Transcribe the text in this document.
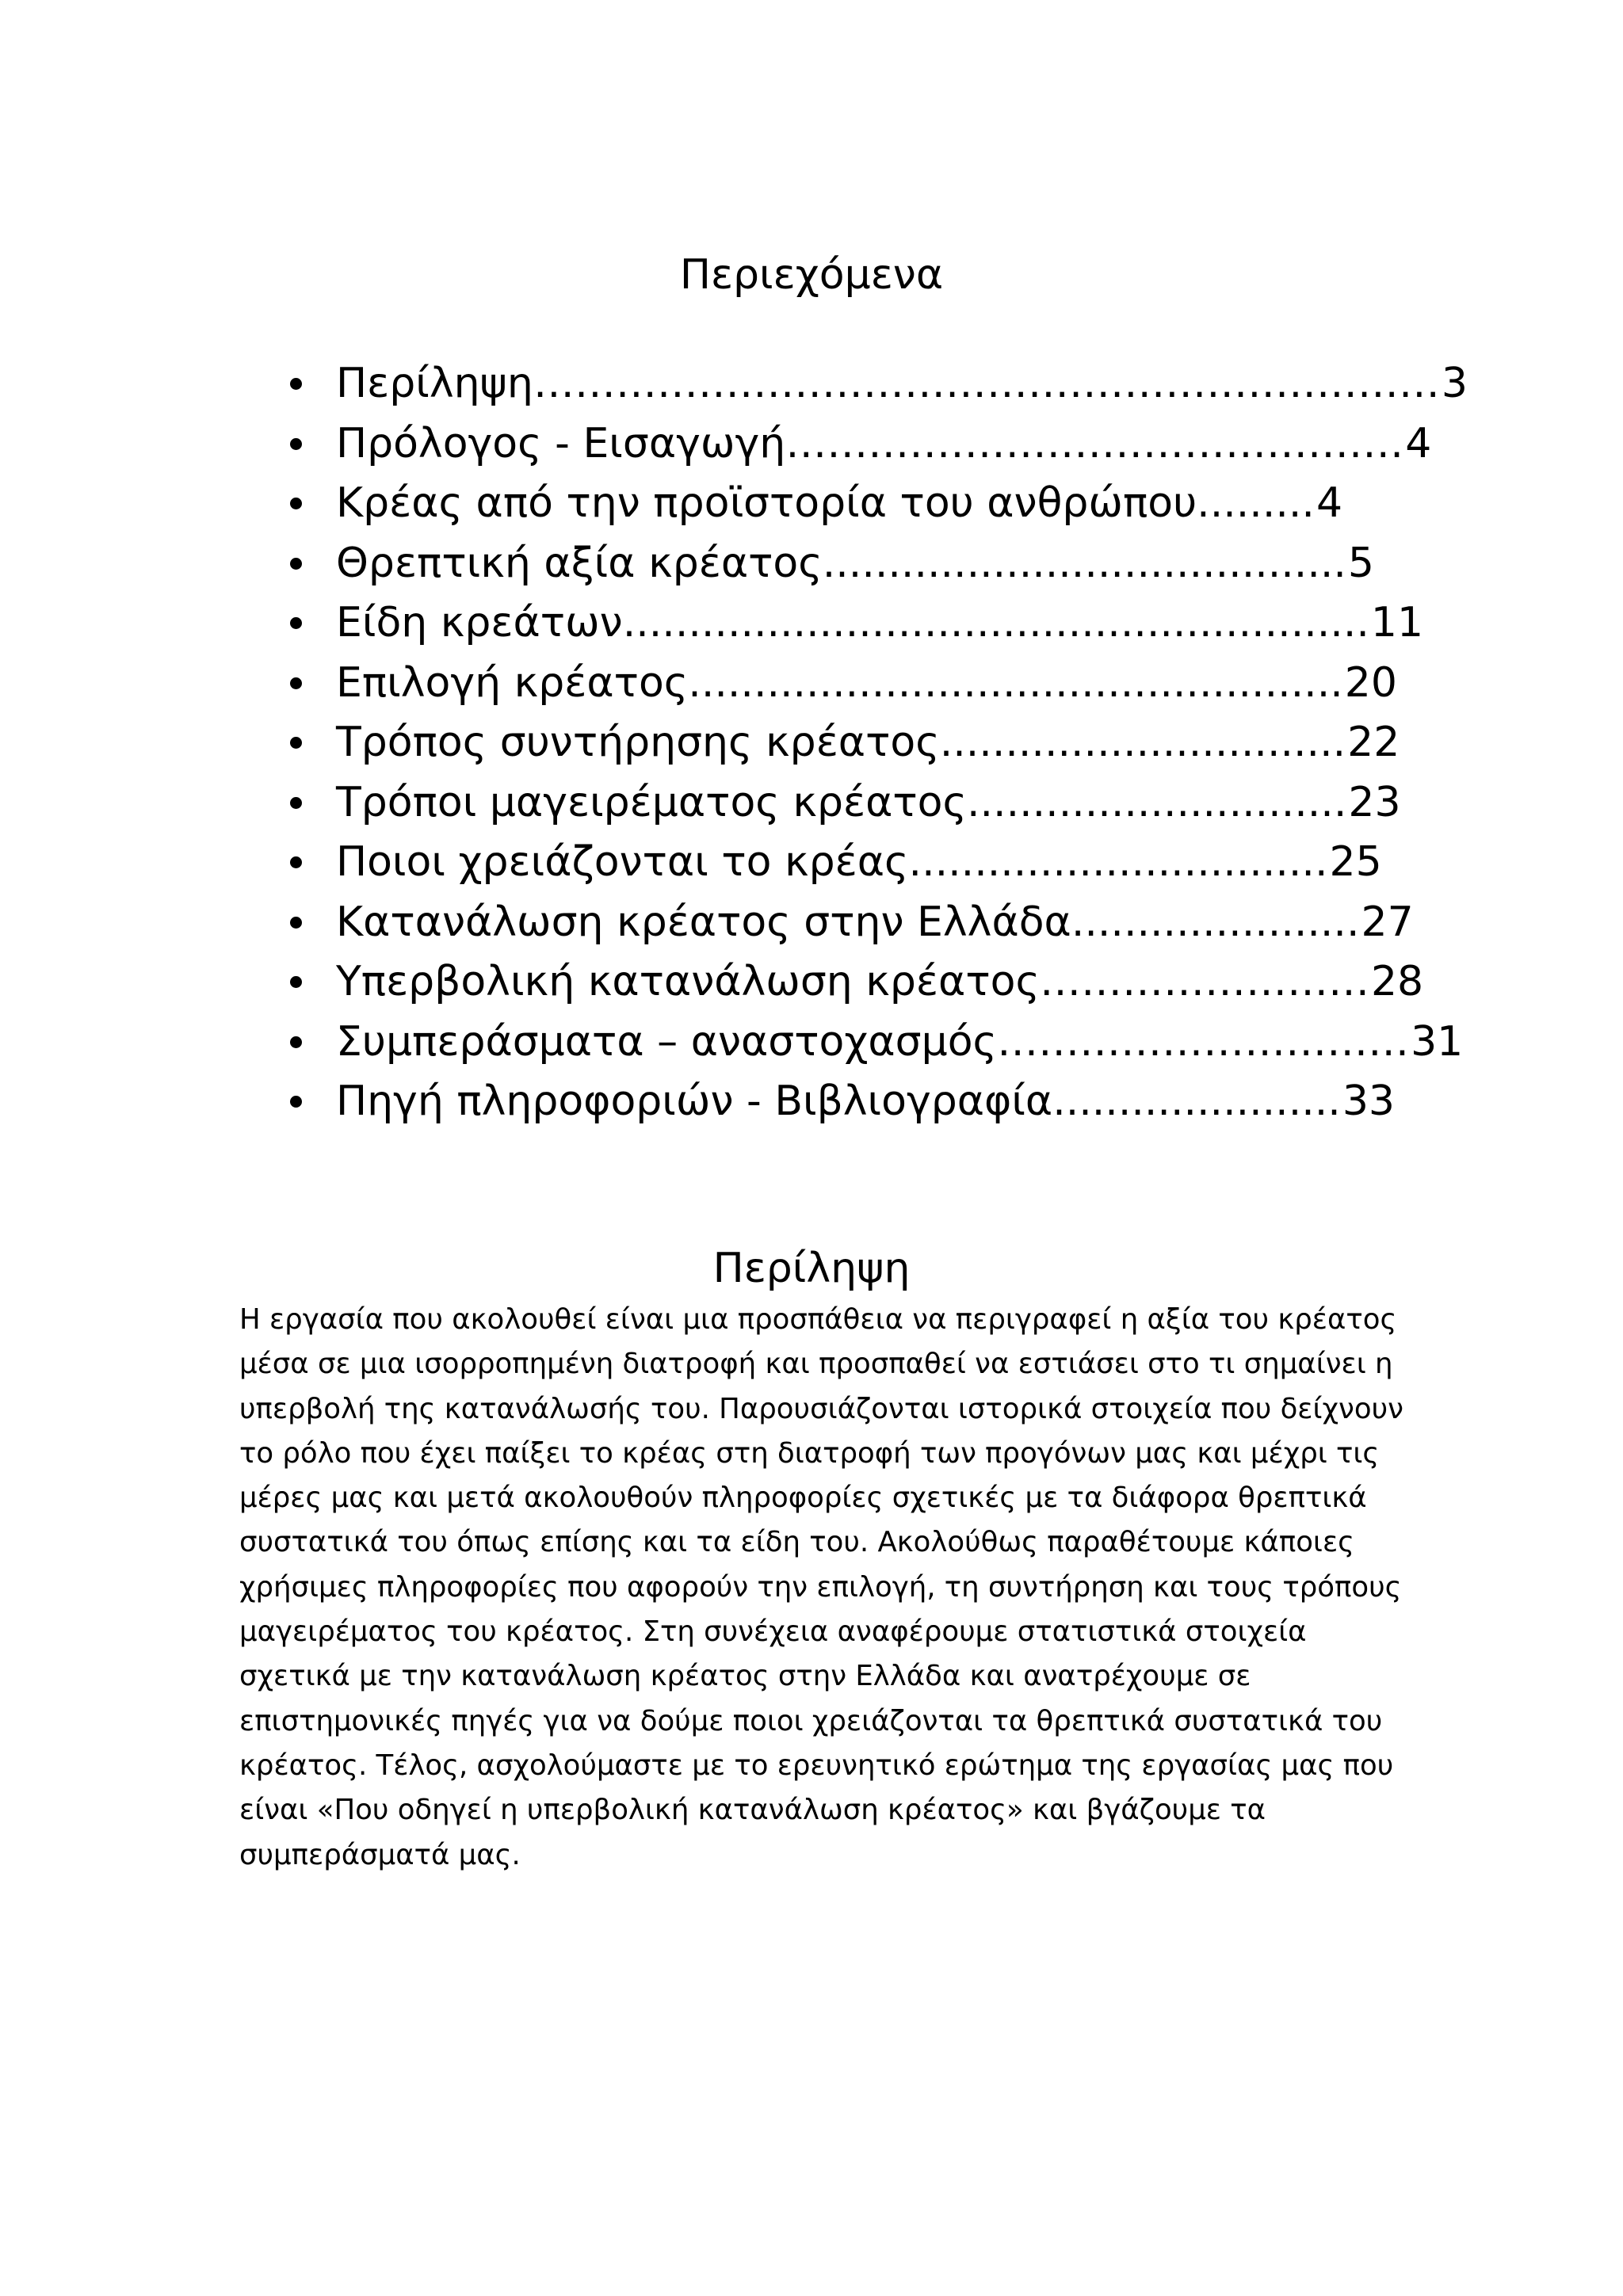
Περιεχόμενα
Περίληψη…………………………………………………………3
Πρόλογος - Εισαγωγή………………………………………4
Κρέας από την προϊστορία του ανθρώπου.........4
Θρεπτική αξία κρέατος........................................5
Είδη κρεάτων.........................................................11
Επιλογή κρέατος..................................................20
Τρόπος συντήρησης κρέατος...............................22
Τρόποι μαγειρέματος κρέατος.............................23
Ποιοι χρειάζονται το κρέας................................25
Κατανάλωση κρέατος στην Ελλάδα......................27
Υπερβολική κατανάλωση κρέατος……………………28
Συμπεράσματα – αναστοχασμός…………………………31
Πηγή πληροφοριών - Βιβλιογραφία......................33
Περίληψη

Η εργασία που ακολουθεί είναι μια προσπάθεια να περιγραφεί η αξία του κρέατος
μέσα σε μια ισορροπημένη διατροφή και προσπαθεί να εστιάσει στο τι σημαίνει η
υπερβολή της κατανάλωσής του. Παρουσιάζονται ιστορικά στοιχεία που δείχνουν
το ρόλο που έχει παίξει το κρέας στη διατροφή των προγόνων μας και μέχρι τις
μέρες μας και μετά ακολουθούν πληροφορίες σχετικές με τα διάφορα θρεπτικά
συστατικά του όπως επίσης και τα είδη του. Ακολούθως παραθέτουμε κάποιες
χρήσιμες πληροφορίες που αφορούν την επιλογή, τη συντήρηση και τους τρόπους
μαγειρέματος του κρέατος. Στη συνέχεια αναφέρουμε στατιστικά στοιχεία
σχετικά με την κατανάλωση κρέατος στην Ελλάδα και ανατρέχουμε σε
επιστημονικές πηγές για να δούμε ποιοι χρειάζονται τα θρεπτικά συστατικά του
κρέατος. Τέλος, ασχολούμαστε με το ερευνητικό ερώτημα της εργασίας μας που
είναι «Που οδηγεί η υπερβολική κατανάλωση κρέατος» και βγάζουμε τα
συμπεράσματά μας.
